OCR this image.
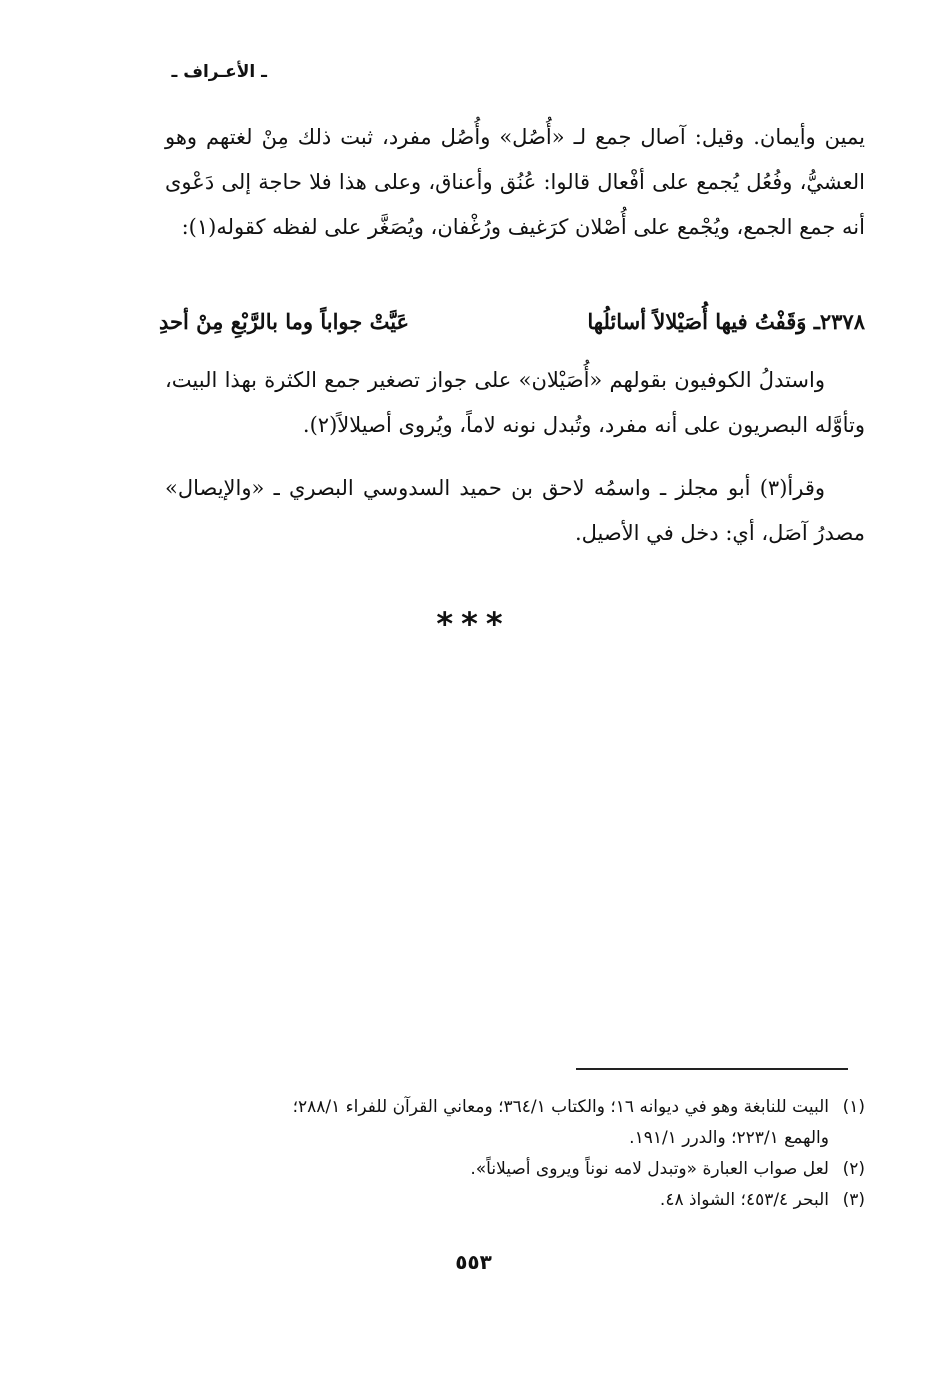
ـ الأعـراف ـ
يمين وأيمان. وقيل: آصال جمع لـ «أُصُل» وأُصُل مفرد، ثبت ذلك مِنْ لغتهم وهو العشيُّ، وفُعُل يُجمع على أفْعال قالوا: عُنُق وأعناق، وعلى هذا فلا حاجة إلى دَعْوى أنه جمع الجمع، ويُجْمع على أُصْلان كرَغيف ورُغْفان، ويُصَغَّر على لفظه كقوله(١):
٢٣٧٨ـ وَقَفْتُ فيها أُصَيْلالاً أسائلُها
عَيَّتْ جواباً وما بالرَّبْعِ مِنْ أحدِ
واستدلُ الكوفيون بقولهم «أُصَيْلان» على جواز تصغير جمع الكثرة بهذا البيت، وتأوَّله البصريون على أنه مفرد، وتُبدل نونه لاماً، ويُروى أصيلالاً(٢).
وقرأ(٣) أبو مجلز ـ واسمُه لاحق بن حميد السدوسي البصري ـ «والإيصال» مصدرُ آصَل، أي: دخل في الأصيل.
***
(١)البيت للنابغة وهو في ديوانه ١٦؛ والكتاب ٣٦٤/١؛ ومعاني القرآن للفراء ٢٨٨/١؛
والهمع ٢٢٣/١؛ والدرر ١٩١/١.
(٢)لعل صواب العبارة «وتبدل لامه نوناً ويروى أصيلاناً».
(٣)البحر ٤٥٣/٤؛ الشواذ ٤٨.
٥٥٣
